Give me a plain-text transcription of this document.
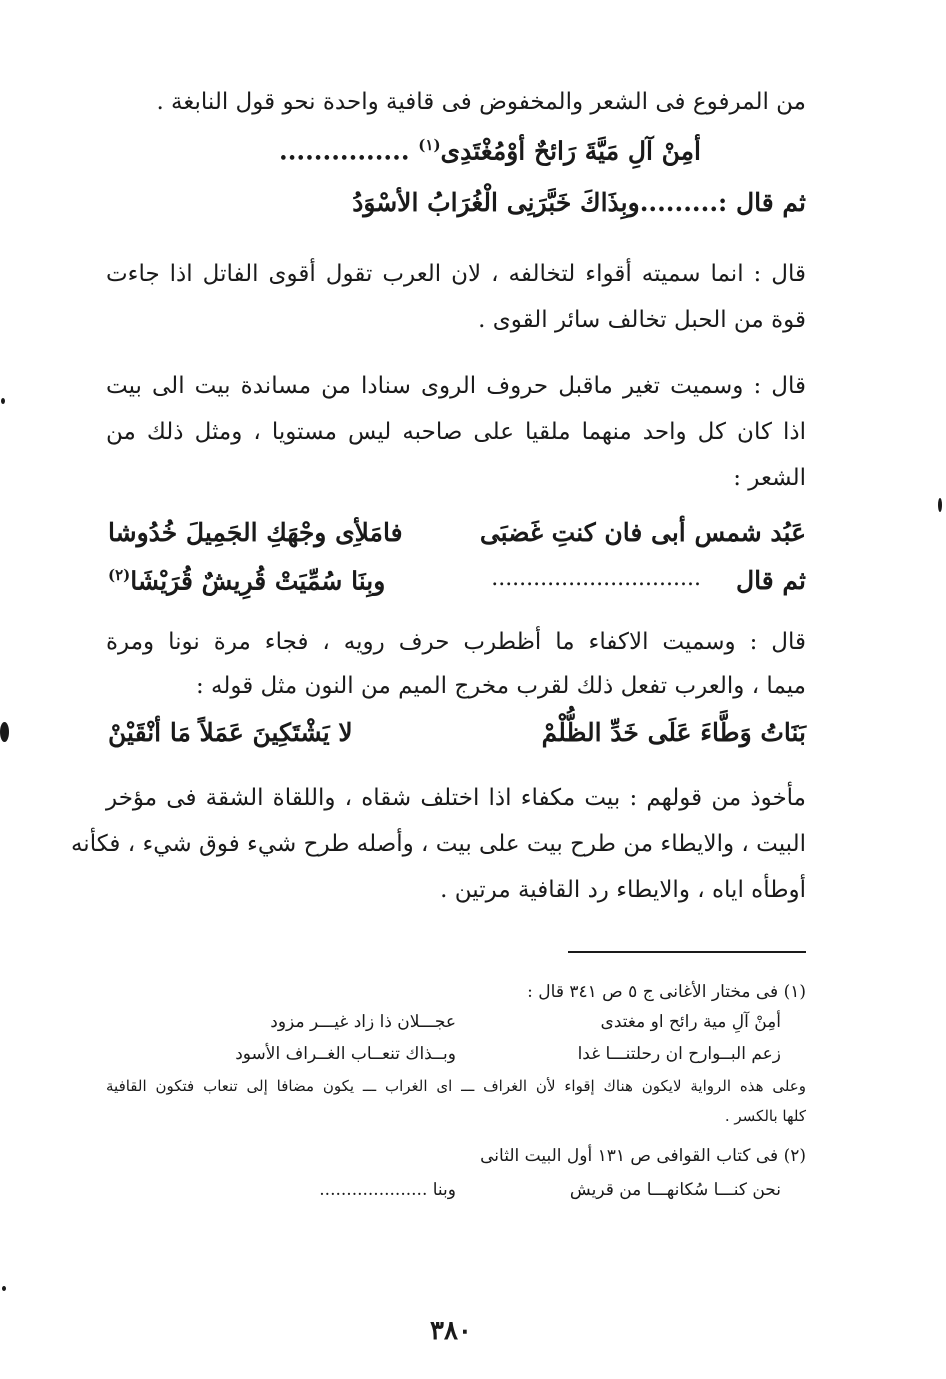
من المرفوع فى الشعر والمخفوض فى قافية واحدة نحو قول النابغة .
أمِنْ آلِ مَيَّةَ رَائحٌ أوْمُغْتَدِى$^{(١)}$ ...............
ثم قال :.........وبِذَاكَ خَبَّرَنِى الْغُرَابُ الأسْوَدُ
قال : انما سميته أقواء لتخالفه ، لان العرب تقول أقوى الفاتل اذا جاءت
قوة من الحبل تخالف سائر القوى .
قال : وسميت تغير ماقبل حروف الروى سنادا من مساندة بيت الى بيت
اذا كان كل واحد منهما ملقيا على صاحبه ليس مستويا ، ومثل ذلك من
الشعر :
عَبُد شمس أبى فان كنتِ غَضبَى
فامَلأِى وجْهَكِ الجَمِيلَ خُدُوشا
ثم قال
..............................
وبِنَا سُمِّيَتْ قُرِيشٌ قُرَيْشَا$^{(٢)}$
قال : وسميت الاكفاء ما أظطرب حرف رويه ، فجاء مرة نونا ومرة
ميما ، والعرب تفعل ذلك لقرب مخرج الميم من النون مثل قوله :
بَنَاتُ وَطَّاءَ عَلَى خَدِّ الظُّلْمْ
لا يَشْتَكِينَ عَمَلاً مَا أنْقَيْنْ
مأخوذ من قولهم : بيت مكفاء اذا اختلف شقاه ، واللقاة الشقة فى مؤخر
البيت ، والايطاء من طرح بيت على بيت ، وأصله طرح شيء فوق شيء ، فكأنه
أوطأه اياه ، والايطاء رد القافية مرتين .
(١) فى مختار الأغانى ج ٥ ص ٣٤١ قال :
أمِنْ آلِ مية رائح او مغتدى
عجـــلان ذا زاد غيـــر مزود
زعم البــوارح ان رحلتنـــا غدا
وبــذاك تنعــاب الغــراف الأسود
وعلى هذه الرواية لايكون هناك إقواء لأن الغراف ـــ اى الغراب ـــ يكون مضافا إلى تنعاب فتكون القافية
كلها بالكسر .
(٢) فى كتاب القوافى ص ١٣١ أول البيت الثانى
نحن كنـــا سُكانهـــا من قريش
وبنا ....................
٣٨٠
